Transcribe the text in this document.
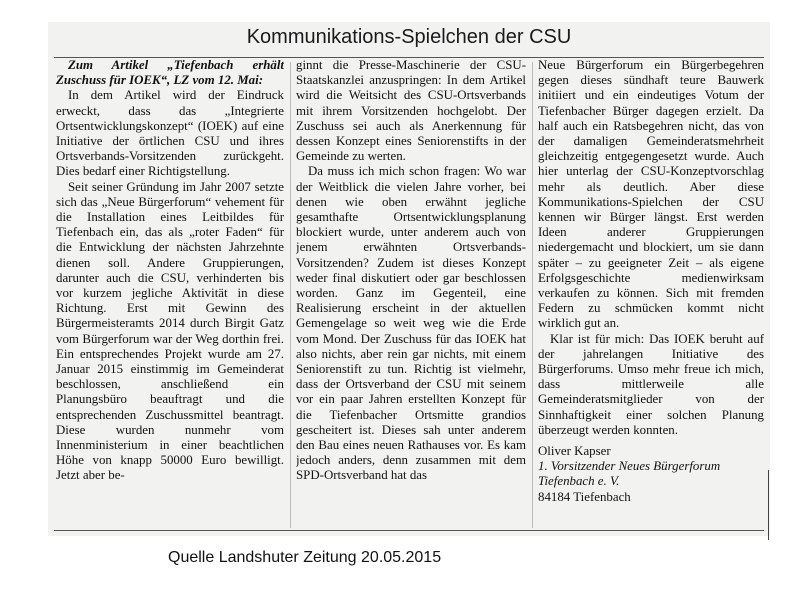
Kommunikations-Spielchen der CSU

Zum Artikel „Tiefenbach erhält Zuschuss für IOEK“, LZ vom 12. Mai:

In dem Artikel wird der Eindruck erweckt, dass das „Integrierte Ortsentwicklungskonzept“ (IOEK) auf eine Initiative der örtlichen CSU und ihres Ortsverbands-Vorsitzenden zurückgeht. Dies bedarf einer Richtigstellung.

Seit seiner Gründung im Jahr 2007 setzte sich das „Neue Bürgerforum“ vehement für die Installation eines Leitbildes für Tiefenbach ein, das als „roter Faden“ für die Entwicklung der nächsten Jahrzehnte dienen soll. Andere Gruppierungen, darunter auch die CSU, verhinderten bis vor kurzem jegliche Aktivität in diese Richtung. Erst mit Gewinn des Bürgermeisteramts 2014 durch Birgit Gatz vom Bürgerforum war der Weg dorthin frei. Ein entsprechendes Projekt wurde am 27. Januar 2015 einstimmig im Gemeinderat beschlossen, anschließend ein Planungsbüro beauftragt und die entsprechenden Zuschussmittel beantragt. Diese wurden nunmehr vom Innenministerium in einer beachtlichen Höhe von knapp 50000 Euro bewilligt. Jetzt aber be-

ginnt die Presse-Maschinerie der CSU-Staatskanzlei anzuspringen: In dem Artikel wird die Weitsicht des CSU-Ortsverbands mit ihrem Vorsitzenden hochgelobt. Der Zuschuss sei auch als Anerkennung für dessen Konzept eines Seniorenstifts in der Gemeinde zu werten.

Da muss ich mich schon fragen: Wo war der Weitblick die vielen Jahre vorher, bei denen wie oben erwähnt jegliche gesamthafte Ortsentwicklungsplanung blockiert wurde, unter anderem auch von jenem erwähnten Ortsverbands-Vorsitzenden? Zudem ist dieses Konzept weder final diskutiert oder gar beschlossen worden. Ganz im Gegenteil, eine Realisierung erscheint in der aktuellen Gemengelage so weit weg wie die Erde vom Mond. Der Zuschuss für das IOEK hat also nichts, aber rein gar nichts, mit einem Seniorenstift zu tun. Richtig ist vielmehr, dass der Ortsverband der CSU mit seinem vor ein paar Jahren erstellten Konzept für die Tiefenbacher Ortsmitte grandios gescheitert ist. Dieses sah unter anderem den Bau eines neuen Rathauses vor. Es kam jedoch anders, denn zusammen mit dem SPD-Ortsverband hat das

Neue Bürgerforum ein Bürgerbegehren gegen dieses sündhaft teure Bauwerk initiiert und ein eindeutiges Votum der Tiefenbacher Bürger dagegen erzielt. Da half auch ein Ratsbegehren nicht, das von der damaligen Gemeinderatsmehrheit gleichzeitig entgegengesetzt wurde. Auch hier unterlag der CSU-Konzeptvorschlag mehr als deutlich. Aber diese Kommunikations-Spielchen der CSU kennen wir Bürger längst. Erst werden Ideen anderer Gruppierungen niedergemacht und blockiert, um sie dann später – zu geeigneter Zeit – als eigene Erfolgsgeschichte medienwirksam verkaufen zu können. Sich mit fremden Federn zu schmücken kommt nicht wirklich gut an.

Klar ist für mich: Das IOEK beruht auf der jahrelangen Initiative des Bürgerforums. Umso mehr freue ich mich, dass mittlerweile alle Gemeinderatsmitglieder von der Sinnhaftigkeit einer solchen Planung überzeugt werden konnten.

Oliver Kapser

1. Vorsitzender Neues Bürgerforum Tiefenbach e. V.

84184 Tiefenbach

Quelle Landshuter Zeitung 20.05.2015
